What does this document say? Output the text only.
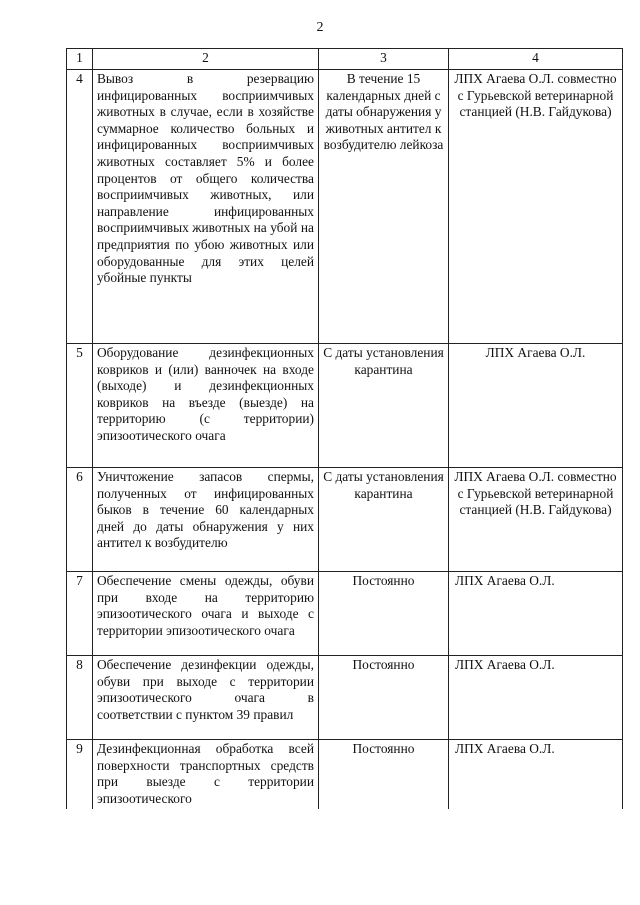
2
1	2	3	4
4	Вывоз в резервацию инфицированных восприимчивых животных в случае, если в хозяйстве суммарное количество больных и инфицированных восприимчивых животных составляет 5% и более процентов от общего количества восприимчивых животных, или направление инфицированных восприимчивых животных на убой на предприятия по убою животных или оборудованные для этих целей убойные пункты	В течение 15 календарных дней с даты обнаружения у животных антител к возбудителю лейкоза	ЛПХ Агаева О.Л. совместно с Гурьевской ветеринарной станцией (Н.В. Гайдукова)
5	Оборудование дезинфекционных ковриков и (или) ванночек на входе (выходе) и дезинфекционных ковриков на въезде (выезде) на территорию (с территории) эпизоотического очага	С даты установления карантина	ЛПХ Агаева О.Л.
6	Уничтожение запасов спермы, полученных от инфицированных быков в течение 60 календарных дней до даты обнаружения у них антител к возбудителю	С даты установления карантина	ЛПХ Агаева О.Л. совместно с Гурьевской ветеринарной станцией (Н.В. Гайдукова)
7	Обеспечение смены одежды, обуви при входе на территорию эпизоотического очага и выходе с территории эпизоотического очага	Постоянно	ЛПХ Агаева О.Л.
8	Обеспечение дезинфекции одежды, обуви при выходе с территории эпизоотического очага в соответствии с пунктом 39 правил	Постоянно	ЛПХ Агаева О.Л.
9	Дезинфекционная обработка всей поверхности транспортных средств при выезде с территории эпизоотического	Постоянно	ЛПХ Агаева О.Л.
